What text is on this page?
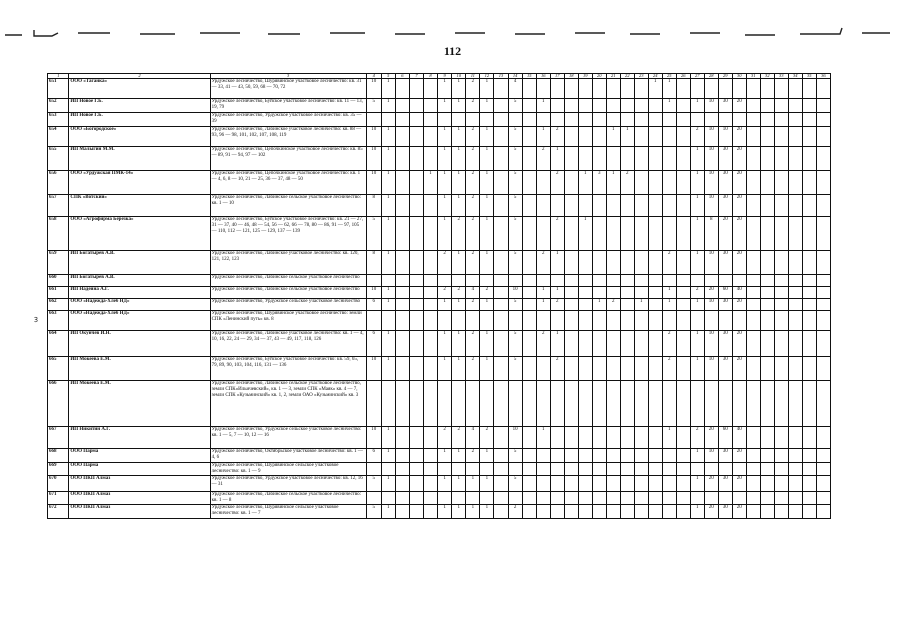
112
Ꝫ
1	2	3	4	5	6	7	8	9	10	11	12	13	14	15	16	17	18	19	20	21	22	23	24	25	26	27	28	29	30	31	32	33	34	35	36
651	ООО «Таганка»	Урдужское лесничество, Шурявинское участковое лесничество: кв. 31 — 33, 41 — 43, 50, 59, 68 — 70, 72	10	1				1	1	2	1		4										1	1											
652	ИП Новое Г.Б.	Урдужское лесничество, Буйское участковое лесничество: кв. 11 — 13, 19, 79	5	1				1	1	2	1		5		1									1		1	10	30	20						
653	ИП Новое Г.Б.	Урдужское лесничество, Урдужское участковое лесничество: кв. 35 — 39																																	
654	ООО «Богородское»	Урдужское лесничество, Лабинское участковое лесничество: кв. 88 — 93, 96 — 98, 101, 102, 107, 108, 119	10	1				1	1	2	1		5		1	2				1	1					2	10	10	20						
655	ИП Малыгин М.М.	Урдужское лесничество, Цепочкинское участковое лесничество: кв. 85 — 89, 91 — 94, 97 — 102	10	1				1	1	2	1		5		2	1										1	10	30	20						
656	ООО «Урдужская ПМК-14»	Урдужское лесничество, Цепочкинское участковое лесничество: кв. 1 — 4, 6, 8 — 10, 21 — 25, 36 — 37, 48 — 50	10	1			1	1	1	2	1		5			2		1	3	1	2					1	10	30	20						
657	СПК «Вотский»	Урдужское лесничество, Лабинское сельское участковое лесничество: кв. 1 — 10	8	1				1	1	2	1		5													1	10	30	20						
658	ООО «Агрофирма Березка»	Урдужское лесничество, Буйское участковое лесничество: кв. 21 — 27, 31 — 37, 40 — 46, 48 — 54, 56 — 62, 66 — 78, 80 — 86, 91 — 97, 105 — 110, 112 — 121, 125 — 129, 137 — 139	5	1				1	2	2	1		5			2		1								1	8	20	20						
659	ИП Богатырев А.В.	Урдужское лесничество, Лабинское участковое лесничество: кв. 120, 121, 122, 123	8	1				2	1	2	1		5		2	1								2		1	10	30	20						
660	ИП Богатырев А.В.	Урдужское лесничество, Лабинское сельское участковое лесничество																																	
661	ИП Надеина А.Г.	Урдужское лесничество, Лабинское сельское участковое лесничество	10	1				2	2	4	2		10		1	1								1		2	20	60	40						
662	ООО «Надежда-Хлеб НД»	Урдужское лесничество, Урдужское сельское участковое лесничество	6	1				1	1	2	1		5		1	2			1	2		1		1		1	10	30	20						
663	ООО «Надежда-Хлеб НД»	Урдужское лесничество, Шурявинское участковое лесничество: земли СПК «Ленинский путь» кв. 8																																	
664	ИП Окунчев И.Н.	Урдужское лесничество, Лабинское участковое лесничество: кв. 1 — 4, 10, 16, 22, 24 — 29, 34 — 37, 43 — 49, 117, 118, 126	6	1				1	1	2	1		5		2	1								2		1	10	30	20						
665	ИП Мокеева Е.М.	Урдужское лесничество, Буйское участковое лесничество: кв. 59, 65, 79, 89, 90, 103, 104, 116, 131 — 136	10	1				1	1	2	1		5			2								2		1	10	30	20						
666	ИП Мокеева Е.М.	Урдужское лесничество, Лабинское сельское участковое лесничество, земли СПК«Ильичевский», кв. 1 — 3, земли СПК «Маяк» кв. 4 — 7, земли СПК «Кузьминский» кв. 1, 2, земли ОАО «Кузьминский» кв. 3																																	
667	ИП Никитин А.Г.	Урдужское лесничество, Урдужское сельское участковое лесничество: кв. 1 — 5, 7 — 10, 12 — 16	10	1				2	2	4	2		10		1									1		2	20	60	40						
668	ООО Парма	Урдужское лесничество, Октябрьское участковое лесничество: кв. 1 — 4, 6	6	1				1	1	2	1		5													1	10	30	20						
669	ООО Парма	Урдужское лесничество, Шурявинское сельское участковое лесничество: кв. 1 — 9																																	
670	ООО ПКП Алмаз	Урдужское лесничество, Урдужское участковое лесничество: кв. 12, 16 — 31	5	1				1	1	1	1		5													1	20	30	20						
671	ООО ПКП Алмаз	Урдужское лесничество, Лабинское сельское участковое лесничество: кв. 1 — 8																																	
672	ООО ПКП Алмаз	Урдужское лесничество, Шурявинское сельское участковое лесничество: кв. 1 — 7	5	1				1	1	1	1		2													1	20	30	20						
